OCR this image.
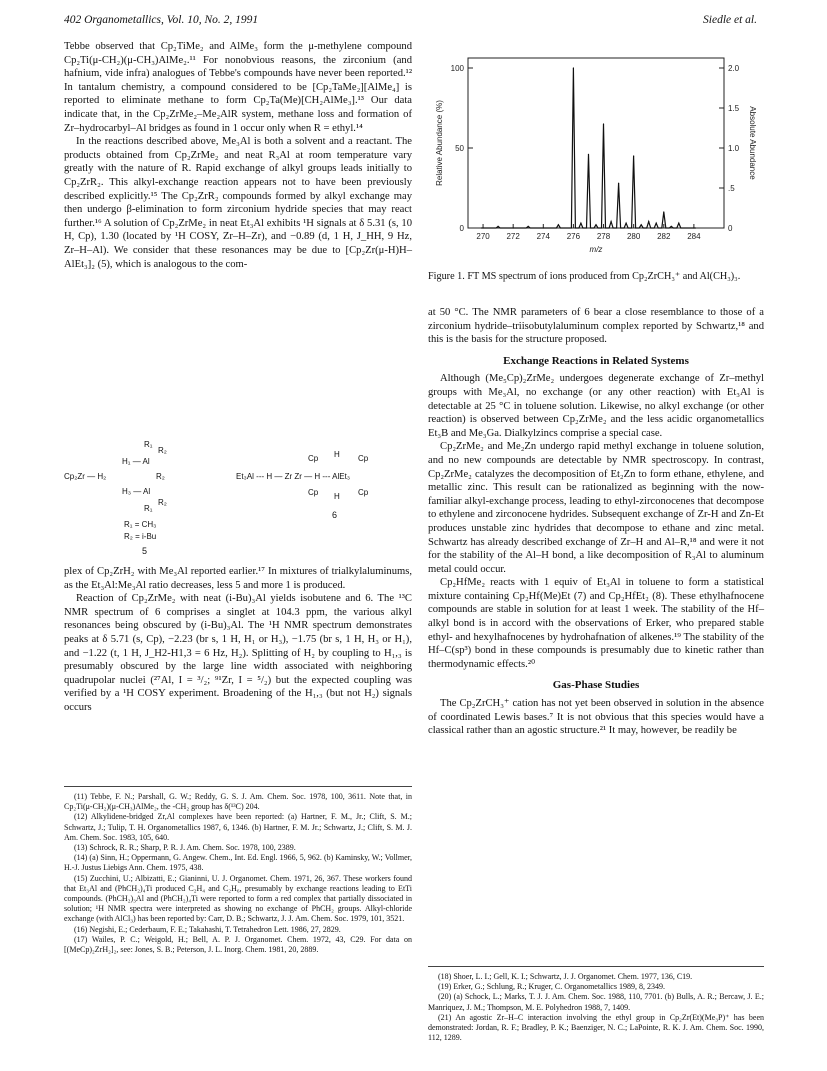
402 Organometallics, Vol. 10, No. 2, 1991	Siedle et al.

Tebbe observed that Cp₂TiMe₂ and AlMe₃ form the μ-methylene compound Cp₂Ti(μ-CH₂)(μ-CH₃)AlMe₂.¹¹ For nonobvious reasons, the zirconium (and hafnium, vide infra) analogues of Tebbe's compounds have never been reported.¹² In tantalum chemistry, a compound considered to be [Cp₂TaMe₂][AlMe₄] is reported to eliminate methane to form Cp₂Ta(Me)[CH₂AlMe₃].¹³ Our data indicate that, in the Cp₂ZrMe₂–Me₂AlR system, methane loss and formation of Zr–hydrocarbyl–Al bridges as found in 1 occur only when R = ethyl.¹⁴

In the reactions described above, Me₃Al is both a solvent and a reactant. The products obtained from Cp₂ZrMe₂ and neat R₃Al at room temperature vary greatly with the nature of R. Rapid exchange of alkyl groups leads initially to Cp₂ZrR₂. This alkyl-exchange reaction appears not to have been previously described explicitly.¹⁵ The Cp₂ZrR₂ compounds formed by alkyl exchange may then undergo β-elimination to form zirconium hydride species that may react further.¹⁶ A solution of Cp₂ZrMe₂ in neat Et₃Al exhibits ¹H signals at δ 5.31 (s, 10 H, Cp), 1.30 (located by ¹H COSY, Zr–H–Zr), and −0.89 (d, 1 H, J_HH, 9 Hz, Zr–H–Al). We consider that these resonances may be due to [Cp₂Zr(μ-H)H–AlEt₃]₂ (5), which is analogous to the com-

R₁
R₂
H₁ — Al
Cp₂Zr — H₂	R₂
H₃ — Al
R₂
R₁
R₁ = CH₃
R₂ = i-Bu
5
Cp H Cp
Et₃Al --- H — Zr Zr — H --- AlEt₃
Cp H Cp
6

plex of Cp₂ZrH₂ with Me₃Al reported earlier.¹⁷ In mixtures of trialkylaluminums, as the Et₃Al:Me₃Al ratio decreases, less 5 and more 1 is produced.

Reaction of Cp₂ZrMe₂ with neat (i-Bu)₃Al yields isobutene and 6. The ¹³C NMR spectrum of 6 comprises a singlet at 104.3 ppm, the various alkyl resonances being obscured by (i-Bu)₃Al. The ¹H NMR spectrum demonstrates peaks at δ 5.71 (s, Cp), −2.23 (br s, 1 H, H₁ or H₃), −1.75 (br s, 1 H, H₃ or H₁), and −1.22 (t, 1 H, J_H2-H1,3 = 6 Hz, H₂). Splitting of H₂ by coupling to H₁,₃ is presumably obscured by the large line width associated with neighboring quadrupolar nuclei (²⁷Al, I = ³/₂; ⁹¹Zr, I = ⁵/₂) but the expected coupling was verified by a ¹H COSY experiment. Broadening of the H₁,₃ (but not H₂) signals occurs

(11) Tebbe, F. N.; Parshall, G. W.; Reddy, G. S. J. Am. Chem. Soc. 1978, 100, 3611. Note that, in Cp₂Ti(μ-CH₂)(μ-CH₃)AlMe₂, the -CH₂ group has δ(¹³C) 204.

(12) Alkylidene-bridged Zr,Al complexes have been reported: (a) Hartner, F. M., Jr.; Clift, S. M.; Schwartz, J.; Tulip, T. H. Organometallics 1987, 6, 1346. (b) Hartner, F. M. Jr.; Schwartz, J.; Clift, S. M. J. Am. Chem. Soc. 1983, 105, 640.

(13) Schrock, R. R.; Sharp, P. R. J. Am. Chem. Soc. 1978, 100, 2389.

(14) (a) Sinn, H.; Oppermann, G. Angew. Chem., Int. Ed. Engl. 1966, 5, 962. (b) Kaminsky, W.; Vollmer, H.-J. Justus Liebigs Ann. Chem. 1975, 438.

(15) Zucchini, U.; Albizatti, E.; Gianinni, U. J. Organomet. Chem. 1971, 26, 367. These workers found that Et₃Al and (PhCH₂)₄Ti produced C₂H₄ and C₂H₆, presumably by exchange reactions leading to EtTi compounds. (PhCH₂)₃Al and (PhCH₂)₄Ti were reported to form a red complex that partially dissociated in solution; ¹H NMR spectra were interpreted as showing no exchange of PhCH₂ groups. Alkyl-chloride exchange (with AlCl₃) has been reported by: Carr, D. B.; Schwartz, J. J. Am. Chem. Soc. 1979, 101, 3521.

(16) Negishi, E.; Cederbaum, F. E.; Takahashi, T. Tetrahedron Lett. 1986, 27, 2829.

(17) Wailes, P. C.; Weigold, H.; Bell, A. P. J. Organomet. Chem. 1972, 43, C29. For data on [(MeCp)₂ZrH₂]₂, see: Jones, S. B.; Peterson, J. L. Inorg. Chem. 1981, 20, 2889.

100
50
0
2.0
1.5
1.0
.5
0
270 272 274 276 278 280 282 284
m/z
Relative Abundance (%)	Absolute Abundance
Figure 1. FT MS spectrum of ions produced from Cp₂ZrCH₃⁺ and Al(CH₃)₃.

at 50 °C. The NMR parameters of 6 bear a close resemblance to those of a zirconium hydride–triisobutylaluminum complex reported by Schwartz,¹⁸ and this is the basis for the structure proposed.

Exchange Reactions in Related Systems

Although (Me₅Cp)₂ZrMe₂ undergoes degenerate exchange of Zr–methyl groups with Me₃Al, no exchange (or any other reaction) with Et₃Al is detectable at 25 °C in toluene solution. Likewise, no alkyl exchange (or other reaction) is observed between Cp₂ZrMe₂ and the less acidic organometallics Et₃B and Me₃Ga. Dialkylzincs comprise a special case.

Cp₂ZrMe₂ and Me₂Zn undergo rapid methyl exchange in toluene solution, and no new compounds are detectable by NMR spectroscopy. In contrast, Cp₂ZrMe₂ catalyzes the decomposition of Et₂Zn to form ethane, ethylene, and metallic zinc. This result can be rationalized as beginning with the now-familiar alkyl-exchange process, leading to ethyl-zirconocenes that decompose to ethylene and zirconocene hydrides. Subsequent exchange of Zr-H and Zn-Et produces unstable zinc hydrides that decompose to ethane and zinc metal. Schwartz has already described exchange of Zr–H and Al–R,¹⁸ and were it not for the stability of the Al–H bond, a like decomposition of R₃Al to aluminum metal could occur.

Cp₂HfMe₂ reacts with 1 equiv of Et₃Al in toluene to form a statistical mixture containing Cp₂Hf(Me)Et (7) and Cp₂HfEt₂ (8). These ethylhafnocene compounds are stable in solution for at least 1 week. The stability of the Hf–alkyl bond is in accord with the observations of Erker, who prepared stable ethyl- and hexylhafnocenes by hydrohafnation of alkenes.¹⁹ The stability of the Hf–C(sp³) bond in these compounds is presumably due to kinetic rather than thermodynamic effects.²⁰

Gas-Phase Studies

The Cp₂ZrCH₃⁺ cation has not yet been observed in solution in the absence of coordinated Lewis bases.⁷ It is not obvious that this species would have a classical rather than an agostic structure.²¹ It may, however, be readily be

(18) Shoer, L. I.; Gell, K. I.; Schwartz, J. J. Organomet. Chem. 1977, 136, C19.

(19) Erker, G.; Schlung, R.; Kruger, C. Organometallics 1989, 8, 2349.

(20) (a) Schock, L.; Marks, T. J. J. Am. Chem. Soc. 1988, 110, 7701. (b) Bulls, A. R.; Bercaw, J. E.; Manriquez, J. M.; Thompson, M. E. Polyhedron 1988, 7, 1409.

(21) An agostic Zr–H–C interaction involving the ethyl group in Cp₂Zr(Et)(Me₃P)⁺ has been demonstrated: Jordan, R. F.; Bradley, P. K.; Baenziger, N. C.; LaPointe, R. K. J. Am. Chem. Soc. 1990, 112, 1289.
